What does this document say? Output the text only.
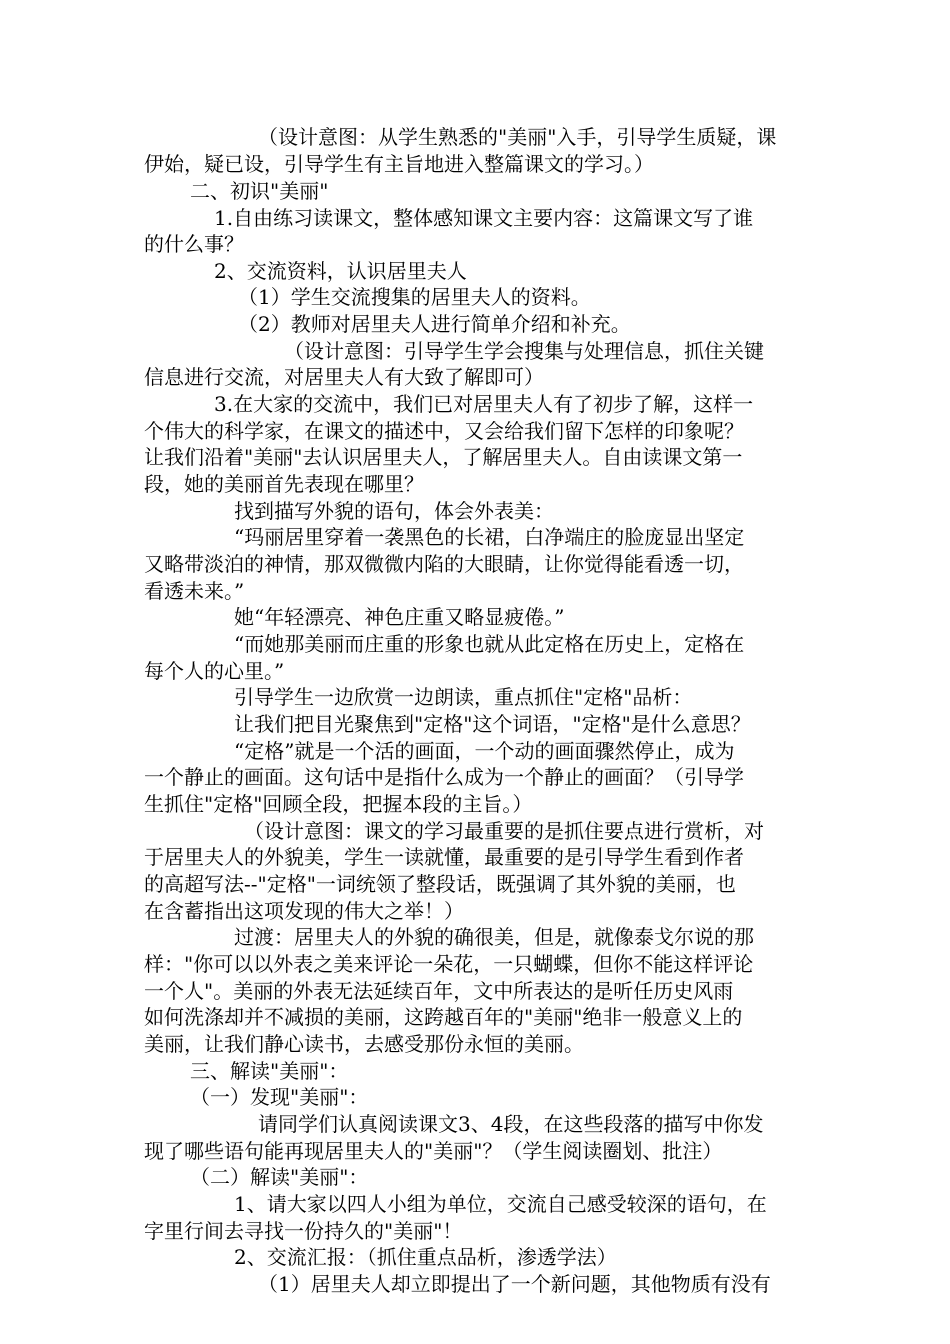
（设计意图：从学生熟悉的"美丽"入手，引导学生质疑，课
伊始，疑已设，引导学生有主旨地进入整篇课文的学习。）
二、初识"美丽"
1.自由练习读课文，整体感知课文主要内容：这篇课文写了谁
的什么事？
2、交流资料，认识居里夫人
（1）学生交流搜集的居里夫人的资料。
（2）教师对居里夫人进行简单介绍和补充。
（设计意图：引导学生学会搜集与处理信息，抓住关键
信息进行交流，对居里夫人有大致了解即可）
3.在大家的交流中，我们已对居里夫人有了初步了解，这样一
个伟大的科学家，在课文的描述中，又会给我们留下怎样的印象呢？
让我们沿着"美丽"去认识居里夫人，了解居里夫人。自由读课文第一
段，她的美丽首先表现在哪里？
找到描写外貌的语句，体会外表美：
“玛丽居里穿着一袭黑色的长裙，白净端庄的脸庞显出坚定
又略带淡泊的神情，那双微微内陷的大眼睛，让你觉得能看透一切，
看透未来。”
她“年轻漂亮、神色庄重又略显疲倦。”
“而她那美丽而庄重的形象也就从此定格在历史上，定格在
每个人的心里。”
引导学生一边欣赏一边朗读，重点抓住"定格"品析：
让我们把目光聚焦到"定格"这个词语，"定格"是什么意思？
“定格”就是一个活的画面，一个动的画面骤然停止，成为
一个静止的画面。这句话中是指什么成为一个静止的画面？（引导学
生抓住"定格"回顾全段，把握本段的主旨。）
（设计意图：课文的学习最重要的是抓住要点进行赏析，对
于居里夫人的外貌美，学生一读就懂，最重要的是引导学生看到作者
的高超写法--"定格"一词统领了整段话，既强调了其外貌的美丽，也
在含蓄指出这项发现的伟大之举！）
过渡：居里夫人的外貌的确很美，但是，就像泰戈尔说的那
样："你可以以外表之美来评论一朵花，一只蝴蝶，但你不能这样评论
一个人"。美丽的外表无法延续百年，文中所表达的是听任历史风雨
如何洗涤却并不减损的美丽，这跨越百年的"美丽"绝非一般意义上的
美丽，让我们静心读书，去感受那份永恒的美丽。
三、解读"美丽"：
（一）发现"美丽"：
请同学们认真阅读课文3、4段，在这些段落的描写中你发
现了哪些语句能再现居里夫人的"美丽"？（学生阅读圈划、批注）
（二）解读"美丽"：
1、请大家以四人小组为单位，交流自己感受较深的语句，在
字里行间去寻找一份持久的"美丽"！
2、交流汇报：（抓住重点品析，渗透学法）
（1）居里夫人却立即提出了一个新问题，其他物质有没有
